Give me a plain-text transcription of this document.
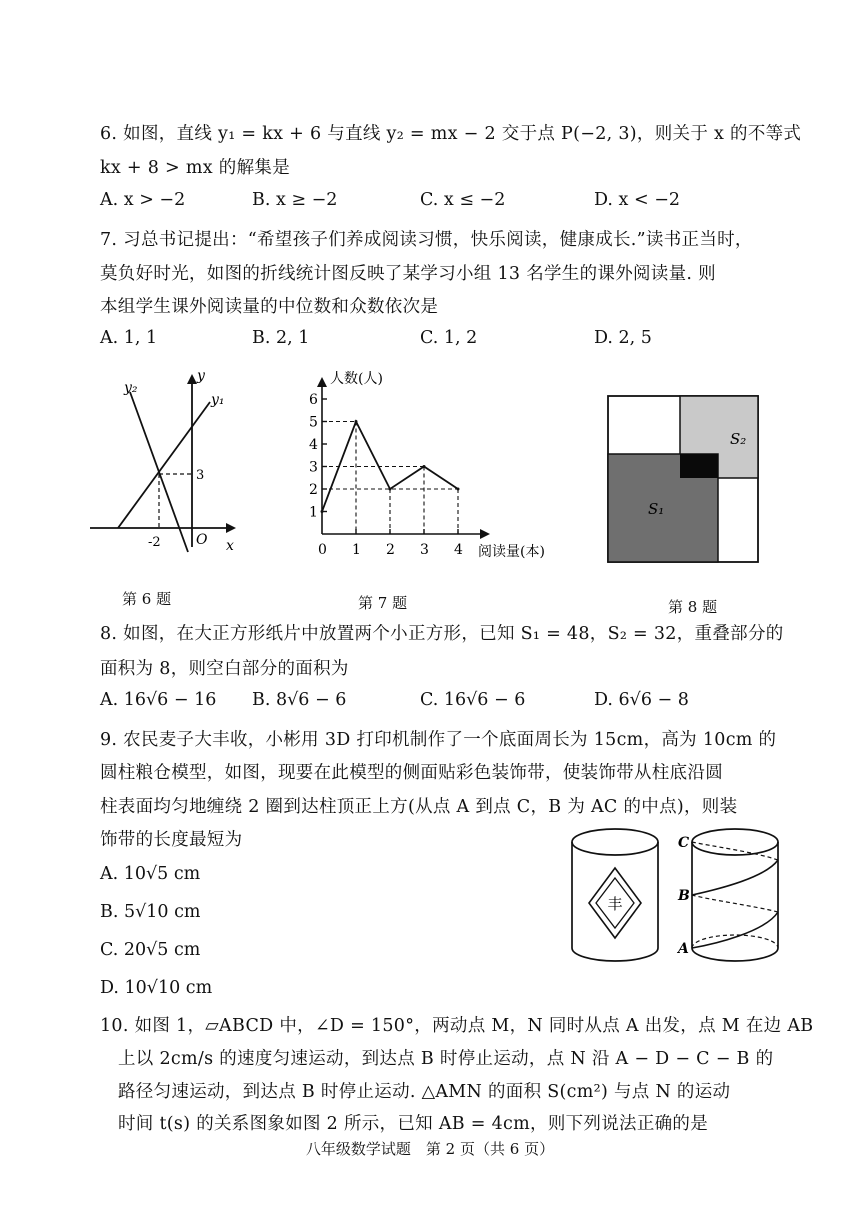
6. 如图，直线 y₁ = kx + 6 与直线 y₂ = mx − 2 交于点 P(−2, 3)，则关于 x 的不等式
kx + 8 > mx 的解集是
A. x > −2	B. x ≥ −2	C. x ≤ −2	D. x < −2
7. 习总书记提出：“希望孩子们养成阅读习惯，快乐阅读，健康成长.”读书正当时，
莫负好时光，如图的折线统计图反映了某学习小组 13 名学生的课外阅读量. 则
本组学生课外阅读量的中位数和众数依次是
A. 1, 1	B. 2, 1	C. 1, 2	D. 2, 5
y₂
y
y₁
3
-2	O x
第 6 题
1
2
3
4
5
6
0 1 2 3 4
人数(人)
阅读量(本)
第 7 题
S₂
S₁
第 8 题
8. 如图，在大正方形纸片中放置两个小正方形，已知 S₁ = 48，S₂ = 32，重叠部分的
面积为 8，则空白部分的面积为
A. 16√6 − 16 B. 8√6 − 6	C. 16√6 − 6	D. 6√6 − 8
9. 农民麦子大丰收，小彬用 3D 打印机制作了一个底面周长为 15cm，高为 10cm 的
圆柱粮仓模型，如图，现要在此模型的侧面贴彩色装饰带，使装饰带从柱底沿圆
柱表面均匀地缠绕 2 圈到达柱顶正上方(从点 A 到点 C，B 为 AC 的中点)，则装
饰带的长度最短为
A. 10√5 cm
B. 5√10 cm
C. 20√5 cm
D. 10√10 cm
丰
C
B
A
10. 如图 1，▱ABCD 中，∠D = 150°，两动点 M，N 同时从点 A 出发，点 M 在边 AB
上以 2cm/s 的速度匀速运动，到达点 B 时停止运动，点 N 沿 A − D − C − B 的
路径匀速运动，到达点 B 时停止运动. △AMN 的面积 S(cm²) 与点 N 的运动
时间 t(s) 的关系图象如图 2 所示，已知 AB = 4cm，则下列说法正确的是
八年级数学试题　第 2 页（共 6 页）
